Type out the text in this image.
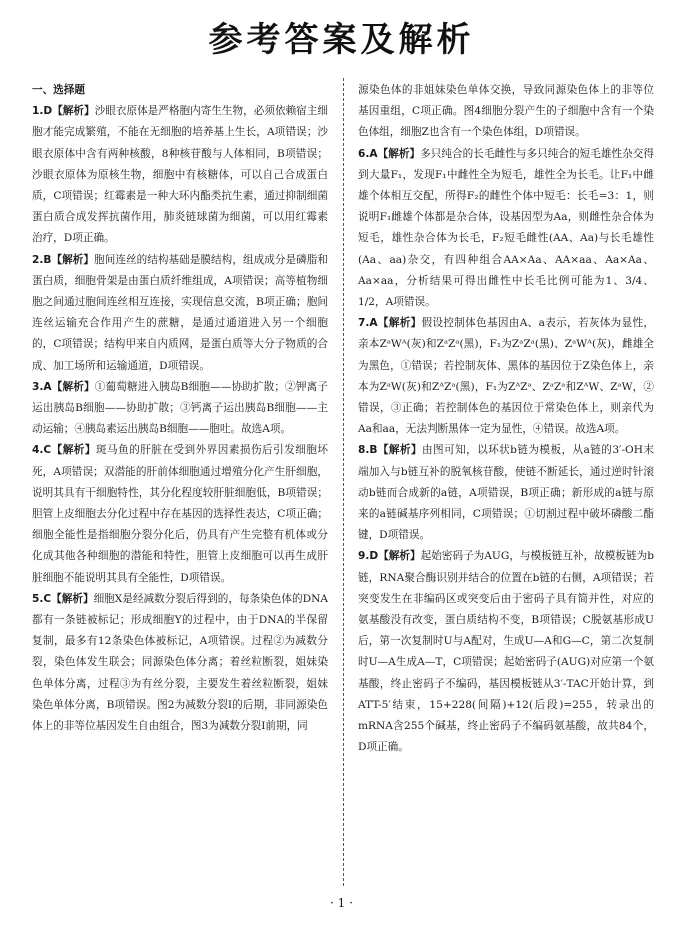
参考答案及解析
一、选择题

1.D【解析】沙眼衣原体是严格胞内寄生生物，必须依赖宿主细胞才能完成繁殖，不能在无细胞的培养基上生长，A项错误；沙眼衣原体中含有两种核酸，8种核苷酸与人体相同，B项错误；沙眼衣原体为原核生物，细胞中有核糖体，可以自己合成蛋白质，C项错误；红霉素是一种大环内酯类抗生素，通过抑制细菌蛋白质合成发挥抗菌作用，肺炎链球菌为细菌，可以用红霉素治疗，D项正确。

2.B【解析】胞间连丝的结构基础是膜结构，组成成分是磷脂和蛋白质，细胞骨架是由蛋白质纤维组成，A项错误；高等植物细胞之间通过胞间连丝相互连接，实现信息交流，B项正确；胞间连丝运输充合作用产生的蔗糖，是通过通道进入另一个细胞的，C项错误；结构甲来自内质网，是蛋白质等大分子物质的合成、加工场所和运输通道，D项错误。

3.A【解析】①葡萄糖进入胰岛B细胞——协助扩散；②钾离子运出胰岛B细胞——协助扩散；③钙离子运出胰岛B细胞——主动运输；④胰岛素运出胰岛B细胞——胞吐。故选A项。

4.C【解析】斑马鱼的肝脏在受到外界因素损伤后引发细胞坏死，A项错误；双潜能的肝前体细胞通过增殖分化产生肝细胞，说明其具有干细胞特性，其分化程度较肝脏细胞低，B项错误；胆管上皮细胞去分化过程中存在基因的选择性表达，C项正确；细胞全能性是指细胞分裂分化后，仍具有产生完整有机体或分化成其他各种细胞的潜能和特性，胆管上皮细胞可以再生成肝脏细胞不能说明其具有全能性，D项错误。

5.C【解析】细胞X是经减数分裂后得到的，每条染色体的DNA都有一条链被标记；形成细胞Y的过程中，由于DNA的半保留复制，最多有12条染色体被标记，A项错误。过程②为减数分裂，染色体发生联会；同源染色体分离；着丝粒断裂，姐妹染色单体分离，过程③为有丝分裂，主要发生着丝粒断裂，姐妹染色单体分离，B项错误。图2为减数分裂Ⅰ的后期，非同源染色体上的非等位基因发生自由组合，图3为减数分裂Ⅰ前期，同

源染色体的非姐妹染色单体交换，导致同源染色体上的非等位基因重组，C项正确。图4细胞分裂产生的子细胞中含有一个染色体组，细胞Z也含有一个染色体组，D项错误。

6.A【解析】多只纯合的长毛雌性与多只纯合的短毛雄性杂交得到大量F₁，发现F₁中雌性全为短毛，雄性全为长毛。让F₁中雌雄个体相互交配，所得F₂的雌性个体中短毛：长毛=3：1，则说明F₁雌雄个体都是杂合体，设基因型为Aa，则雌性杂合体为短毛，雄性杂合体为长毛，F₂短毛雌性(AA、Aa)与长毛雄性(Aa、aa)杂交，有四种组合AA×Aa、AA×aa、Aa×Aa、Aa×aa，分析结果可得出雌性中长毛比例可能为1、3/4、1/2，A项错误。

7.A【解析】假设控制体色基因由A、a表示，若灰体为显性，亲本ZᵃWᴬ(灰)和ZᵃZᵃ(黑)，F₁为ZᵃZᵃ(黑)、ZᵃWᴬ(灰)，雌雄全为黑色，①错误；若控制灰体、黑体的基因位于Z染色体上，亲本为ZᵃW(灰)和ZᴬZᵃ(黑)，F₁为ZᴬZᵃ、ZᵃZᵃ和ZᴬW、ZᵃW，②错误，③正确；若控制体色的基因位于常染色体上，则亲代为Aa和aa，无法判断黑体一定为显性，④错误。故选A项。

8.B【解析】由图可知，以环状b链为模板，从a链的3′-OH末端加入与b链互补的脱氧核苷酸，使链不断延长，通过逆时针滚动b链而合成新的a链，A项错误，B项正确；新形成的a链与原来的a链碱基序列相同，C项错误；①切割过程中破坏磷酸二酯键，D项错误。

9.D【解析】起始密码子为AUG，与模板链互补，故模板链为b链，RNA聚合酶识别并结合的位置在b链的右侧，A项错误；若突变发生在非编码区或突变后由于密码子具有简并性，对应的氨基酸没有改变，蛋白质结构不变，B项错误；C脱氨基形成U后，第一次复制时U与A配对，生成U—A和G—C，第二次复制时U—A生成A—T，C项错误；起始密码子(AUG)对应第一个氨基酸，终止密码子不编码，基因模板链从3′-TAC开始计算，到ATT-5′结束，15+228(间隔)+12(后段)=255，转录出的mRNA含255个碱基，终止密码子不编码氨基酸，故共84个，D项正确。

· 1 ·
